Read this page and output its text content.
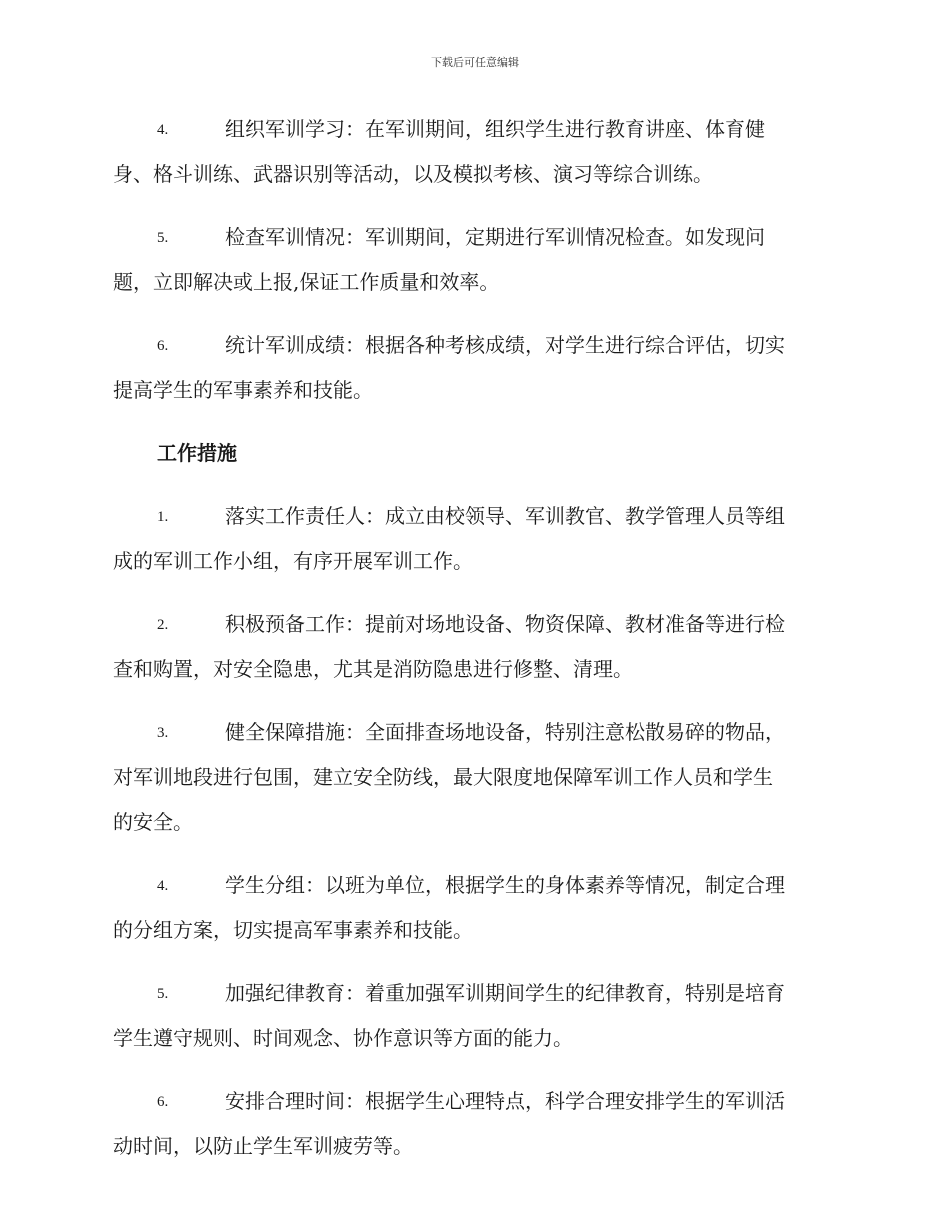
下载后可任意编辑
4.	组织军训学习：在军训期间，组织学生进行教育讲座、体育健
身、格斗训练、武器识别等活动，以及模拟考核、演习等综合训练。
5.	检查军训情况：军训期间，定期进行军训情况检查。如发现问
题，立即解决或上报,保证工作质量和效率。
6.	统计军训成绩：根据各种考核成绩，对学生进行综合评估，切实
提高学生的军事素养和技能。
工作措施
1.	落实工作责任人：成立由校领导、军训教官、教学管理人员等组
成的军训工作小组，有序开展军训工作。
2.	积极预备工作：提前对场地设备、物资保障、教材准备等进行检
查和购置，对安全隐患，尤其是消防隐患进行修整、清理。
3.	健全保障措施：全面排查场地设备，特别注意松散易碎的物品，
对军训地段进行包围，建立安全防线，最大限度地保障军训工作人员和学生
的安全。
4.	学生分组：以班为单位，根据学生的身体素养等情况，制定合理
的分组方案，切实提高军事素养和技能。
5.	加强纪律教育：着重加强军训期间学生的纪律教育，特别是培育
学生遵守规则、时间观念、协作意识等方面的能力。
6.	安排合理时间：根据学生心理特点，科学合理安排学生的军训活
动时间，以防止学生军训疲劳等。
